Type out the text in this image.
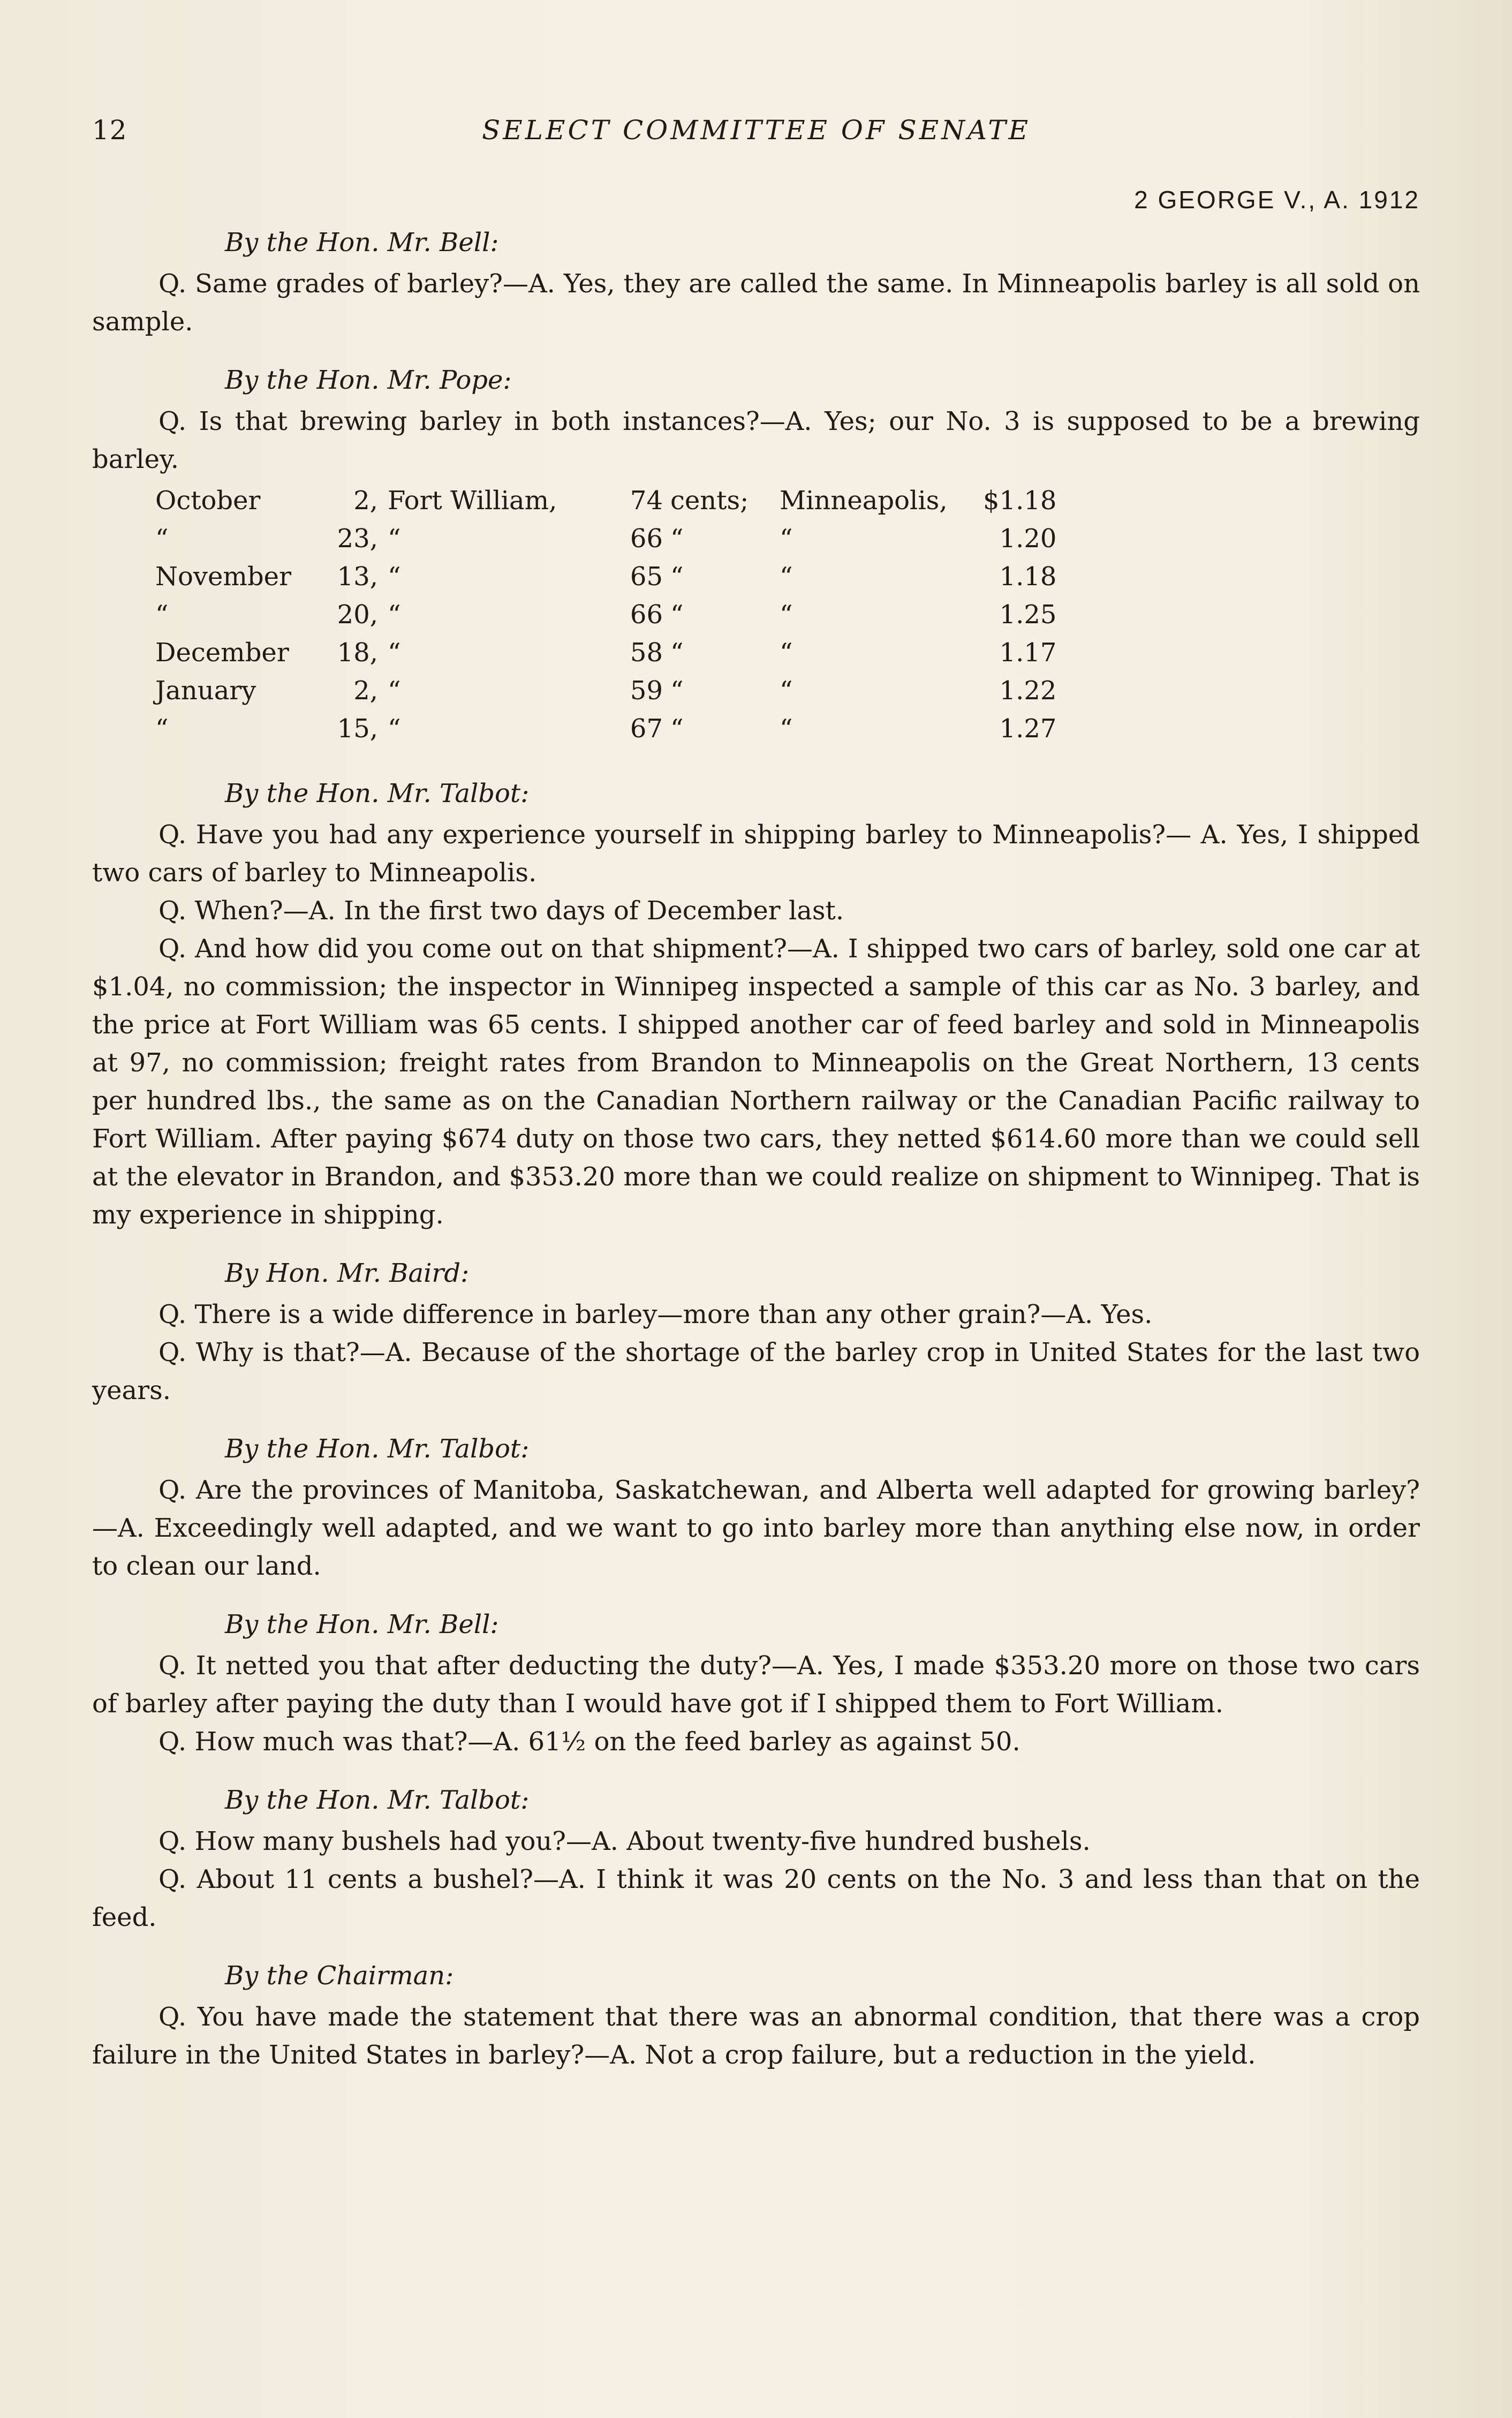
12	SELECT COMMITTEE OF SENATE
2 GEORGE V., A. 1912

By the Hon. Mr. Bell:

Q. Same grades of barley?—A. Yes, they are called the same. In Minneapolis barley is all sold on sample.

By the Hon. Mr. Pope:

Q. Is that brewing barley in both instances?—A. Yes; our No. 3 is supposed to be a brewing barley.

October	2,	Fort William,	74	cents;	Minneapolis,	$1.18
“	23,	“	66	“	“	1.20
November	13,	“	65	“	“	1.18
“	20,	“	66	“	“	1.25
December	18,	“	58	“	“	1.17
January	2,	“	59	“	“	1.22
“	15,	“	67	“	“	1.27

By the Hon. Mr. Talbot:

Q. Have you had any experience yourself in shipping barley to Minneapolis?— A. Yes, I shipped two cars of barley to Minneapolis.

Q. When?—A. In the first two days of December last.

Q. And how did you come out on that shipment?—A. I shipped two cars of barley, sold one car at $1.04, no commission; the inspector in Winnipeg inspected a sample of this car as No. 3 barley, and the price at Fort William was 65 cents. I shipped another car of feed barley and sold in Minneapolis at 97, no commission; freight rates from Brandon to Minneapolis on the Great Northern, 13 cents per hundred lbs., the same as on the Canadian Northern railway or the Canadian Pacific railway to Fort William. After paying $674 duty on those two cars, they netted $614.60 more than we could sell at the elevator in Brandon, and $353.20 more than we could realize on shipment to Winnipeg. That is my experience in shipping.

By Hon. Mr. Baird:

Q. There is a wide difference in barley—more than any other grain?—A. Yes.

Q. Why is that?—A. Because of the shortage of the barley crop in United States for the last two years.

By the Hon. Mr. Talbot:

Q. Are the provinces of Manitoba, Saskatchewan, and Alberta well adapted for growing barley?—A. Exceedingly well adapted, and we want to go into barley more than anything else now, in order to clean our land.

By the Hon. Mr. Bell:

Q. It netted you that after deducting the duty?—A. Yes, I made $353.20 more on those two cars of barley after paying the duty than I would have got if I shipped them to Fort William.

Q. How much was that?—A. 61½ on the feed barley as against 50.

By the Hon. Mr. Talbot:

Q. How many bushels had you?—A. About twenty-five hundred bushels.

Q. About 11 cents a bushel?—A. I think it was 20 cents on the No. 3 and less than that on the feed.

By the Chairman:

Q. You have made the statement that there was an abnormal condition, that there was a crop failure in the United States in barley?—A. Not a crop failure, but a reduction in the yield.
